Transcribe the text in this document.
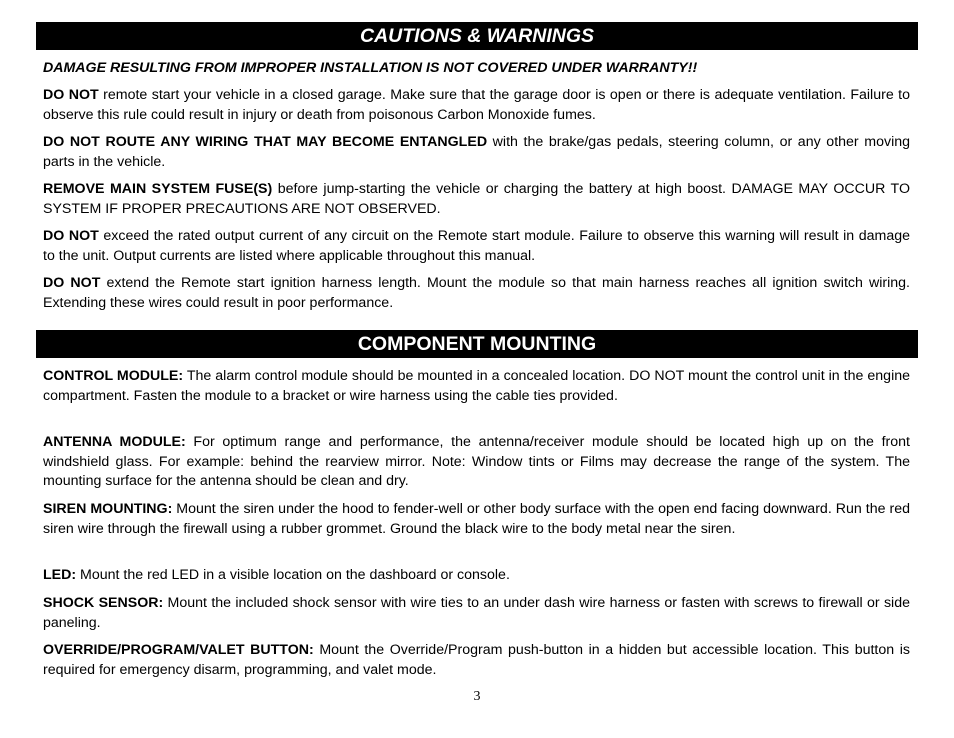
CAUTIONS & WARNINGS

DAMAGE RESULTING FROM IMPROPER INSTALLATION IS NOT COVERED UNDER WARRANTY!!

DO NOT remote start your vehicle in a closed garage. Make sure that the garage door is open or there is adequate ventilation. Failure to observe this rule could result in injury or death from poisonous Carbon Monoxide fumes.

DO NOT ROUTE ANY WIRING THAT MAY BECOME ENTANGLED with the brake/gas pedals, steering column, or any other moving parts in the vehicle.

REMOVE MAIN SYSTEM FUSE(S) before jump-starting the vehicle or charging the battery at high boost. DAMAGE MAY OCCUR TO SYSTEM IF PROPER PRECAUTIONS ARE NOT OBSERVED.

DO NOT exceed the rated output current of any circuit on the Remote start module. Failure to observe this warning will result in damage to the unit. Output currents are listed where applicable throughout this manual.

DO NOT extend the Remote start ignition harness length. Mount the module so that main harness reaches all ignition switch wiring. Extending these wires could result in poor performance.

COMPONENT MOUNTING

CONTROL MODULE: The alarm control module should be mounted in a concealed location. DO NOT mount the control unit in the engine compartment. Fasten the module to a bracket or wire harness using the cable ties provided.

ANTENNA MODULE: For optimum range and performance, the antenna/receiver module should be located high up on the front windshield glass. For example: behind the rearview mirror. Note: Window tints or Films may decrease the range of the system. The mounting surface for the antenna should be clean and dry.

SIREN MOUNTING: Mount the siren under the hood to fender-well or other body surface with the open end facing downward. Run the red siren wire through the firewall using a rubber grommet. Ground the black wire to the body metal near the siren.

LED: Mount the red LED in a visible location on the dashboard or console.

SHOCK SENSOR: Mount the included shock sensor with wire ties to an under dash wire harness or fasten with screws to firewall or side paneling.

OVERRIDE/PROGRAM/VALET BUTTON: Mount the Override/Program push-button in a hidden but accessible location. This button is required for emergency disarm, programming, and valet mode.

3
